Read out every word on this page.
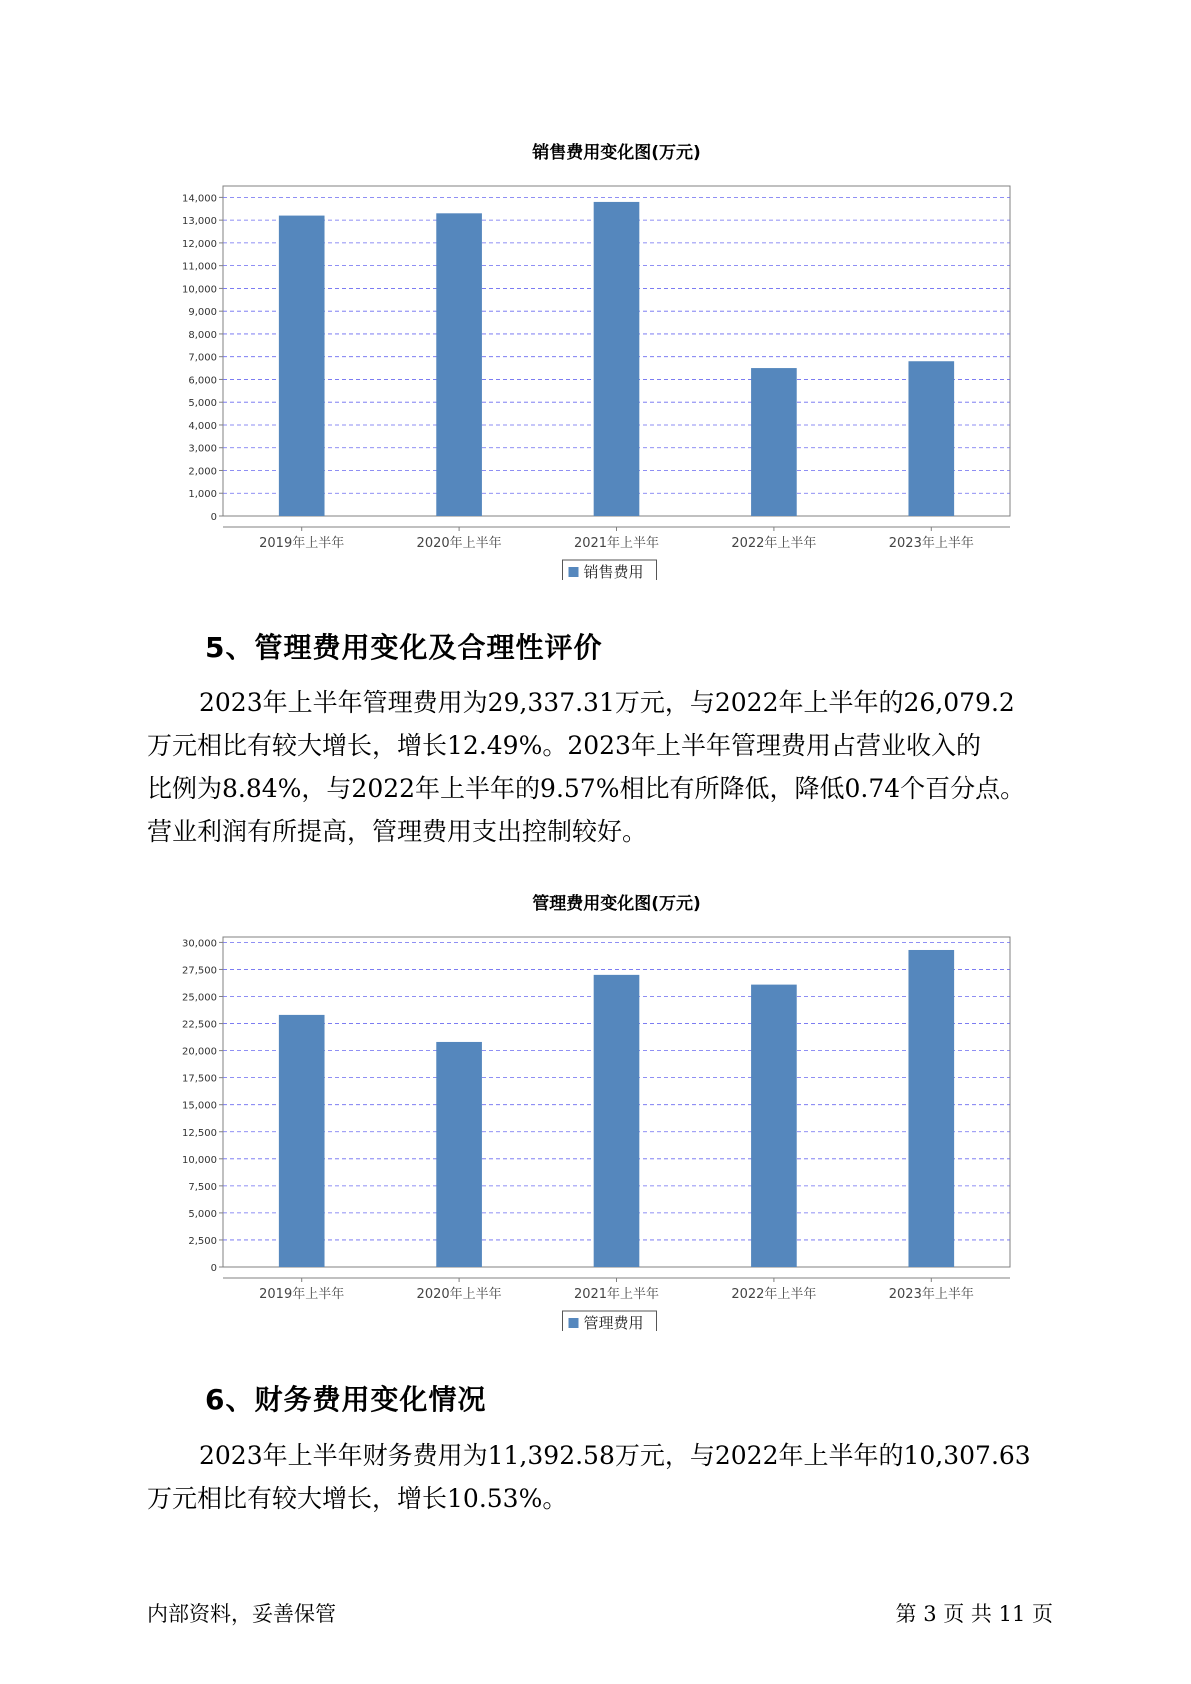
销售费用变化图(万元)
0
1,000
2,000
3,000
4,000
5,000
6,000
7,000
8,000
9,000
10,000
11,000
12,000
13,000
14,000
2019年上半年	2020年上半年	2021年上半年	2022年上半年	2023年上半年
销售费用
5、管理费用变化及合理性评价
2023年上半年管理费用为29,337.31万元，与2022年上半年的26,079.2
万元相比有较大增长，增长12.49%。2023年上半年管理费用占营业收入的
比例为8.84%，与2022年上半年的9.57%相比有所降低，降低0.74个百分点。
营业利润有所提高，管理费用支出控制较好。
管理费用变化图(万元)
0
2,500
5,000
7,500
10,000
12,500
15,000
17,500
20,000
22,500
25,000
27,500
30,000
2019年上半年	2020年上半年	2021年上半年	2022年上半年	2023年上半年
管理费用
6、财务费用变化情况
2023年上半年财务费用为11,392.58万元，与2022年上半年的10,307.63
万元相比有较大增长，增长10.53%。
内部资料，妥善保管	第 3 页 共 11 页
